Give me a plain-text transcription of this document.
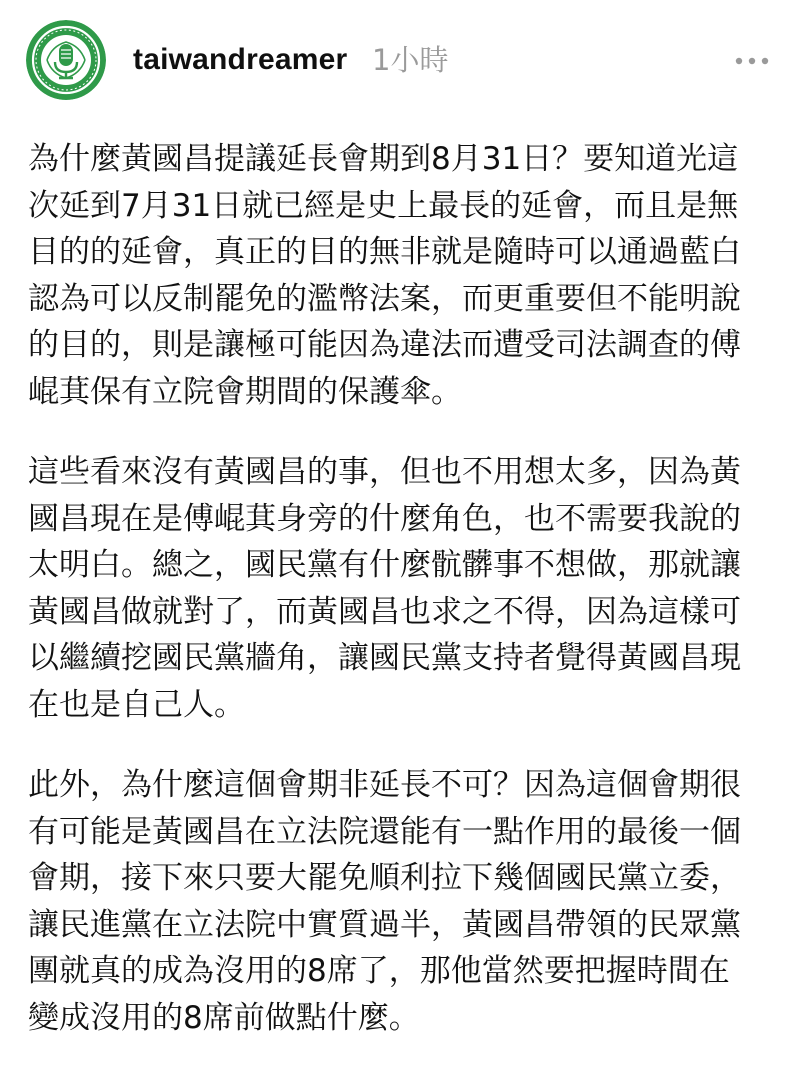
taiwandreamer 1小時

為什麼黃國昌提議延長會期到8月31日？要知道光這
次延到7月31日就已經是史上最長的延會，而且是無
目的的延會，真正的目的無非就是隨時可以通過藍白
認為可以反制罷免的濫幣法案，而更重要但不能明說
的目的，則是讓極可能因為違法而遭受司法調查的傅
崐萁保有立院會期間的保護傘。

這些看來沒有黃國昌的事，但也不用想太多，因為黃
國昌現在是傅崐萁身旁的什麼角色，也不需要我說的
太明白。總之，國民黨有什麼骯髒事不想做，那就讓
黃國昌做就對了，而黃國昌也求之不得，因為這樣可
以繼續挖國民黨牆角，讓國民黨支持者覺得黃國昌現
在也是自己人。

此外，為什麼這個會期非延長不可？因為這個會期很
有可能是黃國昌在立法院還能有一點作用的最後一個
會期，接下來只要大罷免順利拉下幾個國民黨立委，
讓民進黨在立法院中實質過半，黃國昌帶領的民眾黨
團就真的成為沒用的8席了，那他當然要把握時間在
變成沒用的8席前做點什麼。
